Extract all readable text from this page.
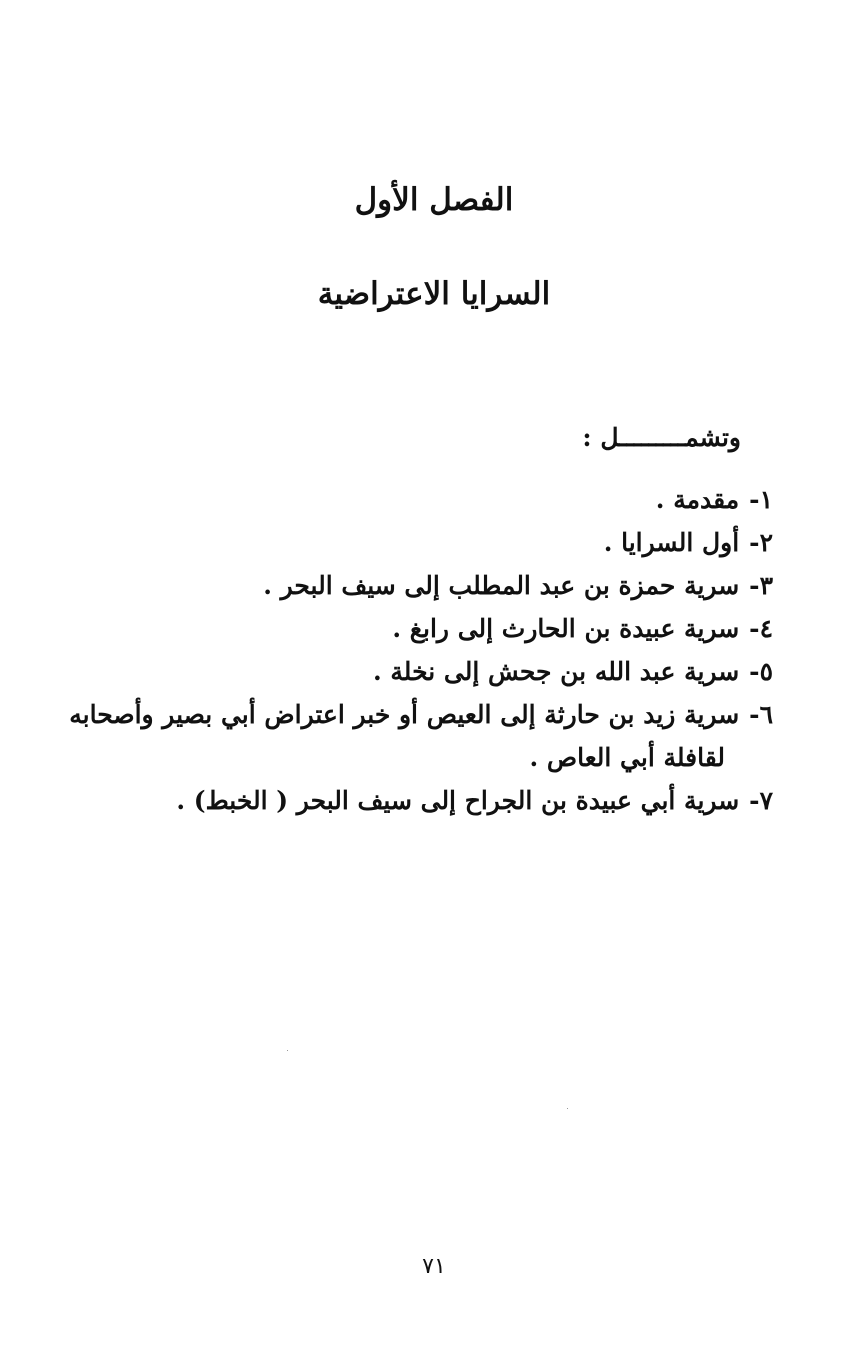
الفصل الأول
السرايا الاعتراضية
وتشمـــــــــل :
١-مقدمة .
٢-أول السرايا .
٣-سرية حمزة بن عبد المطلب إلى سيف البحر .
٤-سرية عبيدة بن الحارث إلى رابغ .
٥-سرية عبد الله بن جحش إلى نخلة .
٦-سرية زيد بن حارثة إلى العيص أو خبر اعتراض أبي بصير وأصحابه
لقافلة أبي العاص .
٧-سرية أبي عبيدة بن الجراح إلى سيف البحر ( الخبط) .
٧١
